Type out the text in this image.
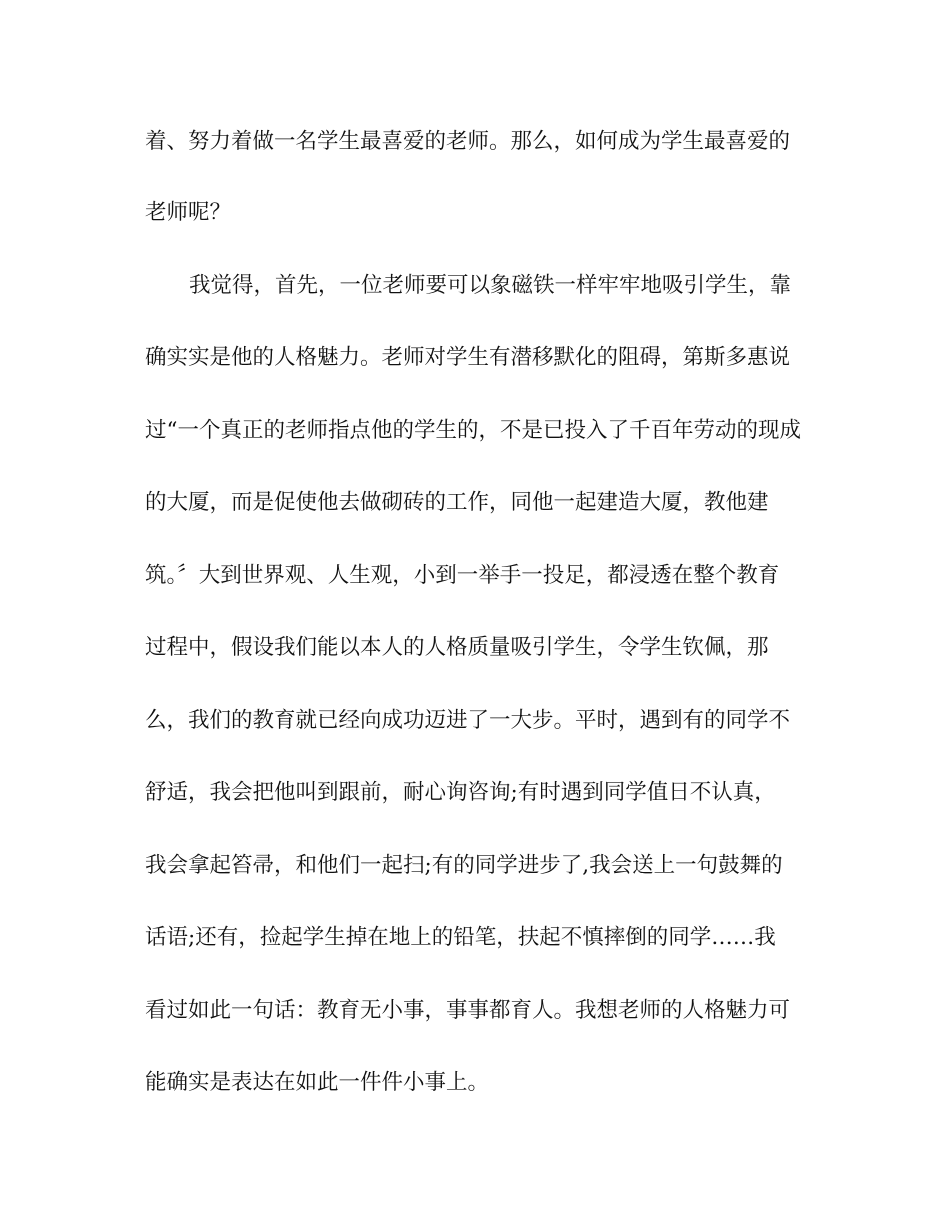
着、努力着做一名学生最喜爱的老师。那么，如何成为学生最喜爱的

老师呢？

我觉得，首先，一位老师要可以象磁铁一样牢牢地吸引学生，靠

确实实是他的人格魅力。老师对学生有潜移默化的阻碍，第斯多惠说

过“一个真正的老师指点他的学生的，不是已投入了千百年劳动的现成

的大厦，而是促使他去做砌砖的工作，同他一起建造大厦，教他建

筑。〞大到世界观、人生观，小到一举手一投足，都浸透在整个教育

过程中，假设我们能以本人的人格质量吸引学生，令学生钦佩，那

么，我们的教育就已经向成功迈进了一大步。平时，遇到有的同学不

舒适，我会把他叫到跟前，耐心询咨询;有时遇到同学值日不认真，

我会拿起笞帚，和他们一起扫;有的同学进步了,我会送上一句鼓舞的

话语;还有，捡起学生掉在地上的铅笔，扶起不慎摔倒的同学……我

看过如此一句话：教育无小事，事事都育人。我想老师的人格魅力可

能确实是表达在如此一件件小事上。
